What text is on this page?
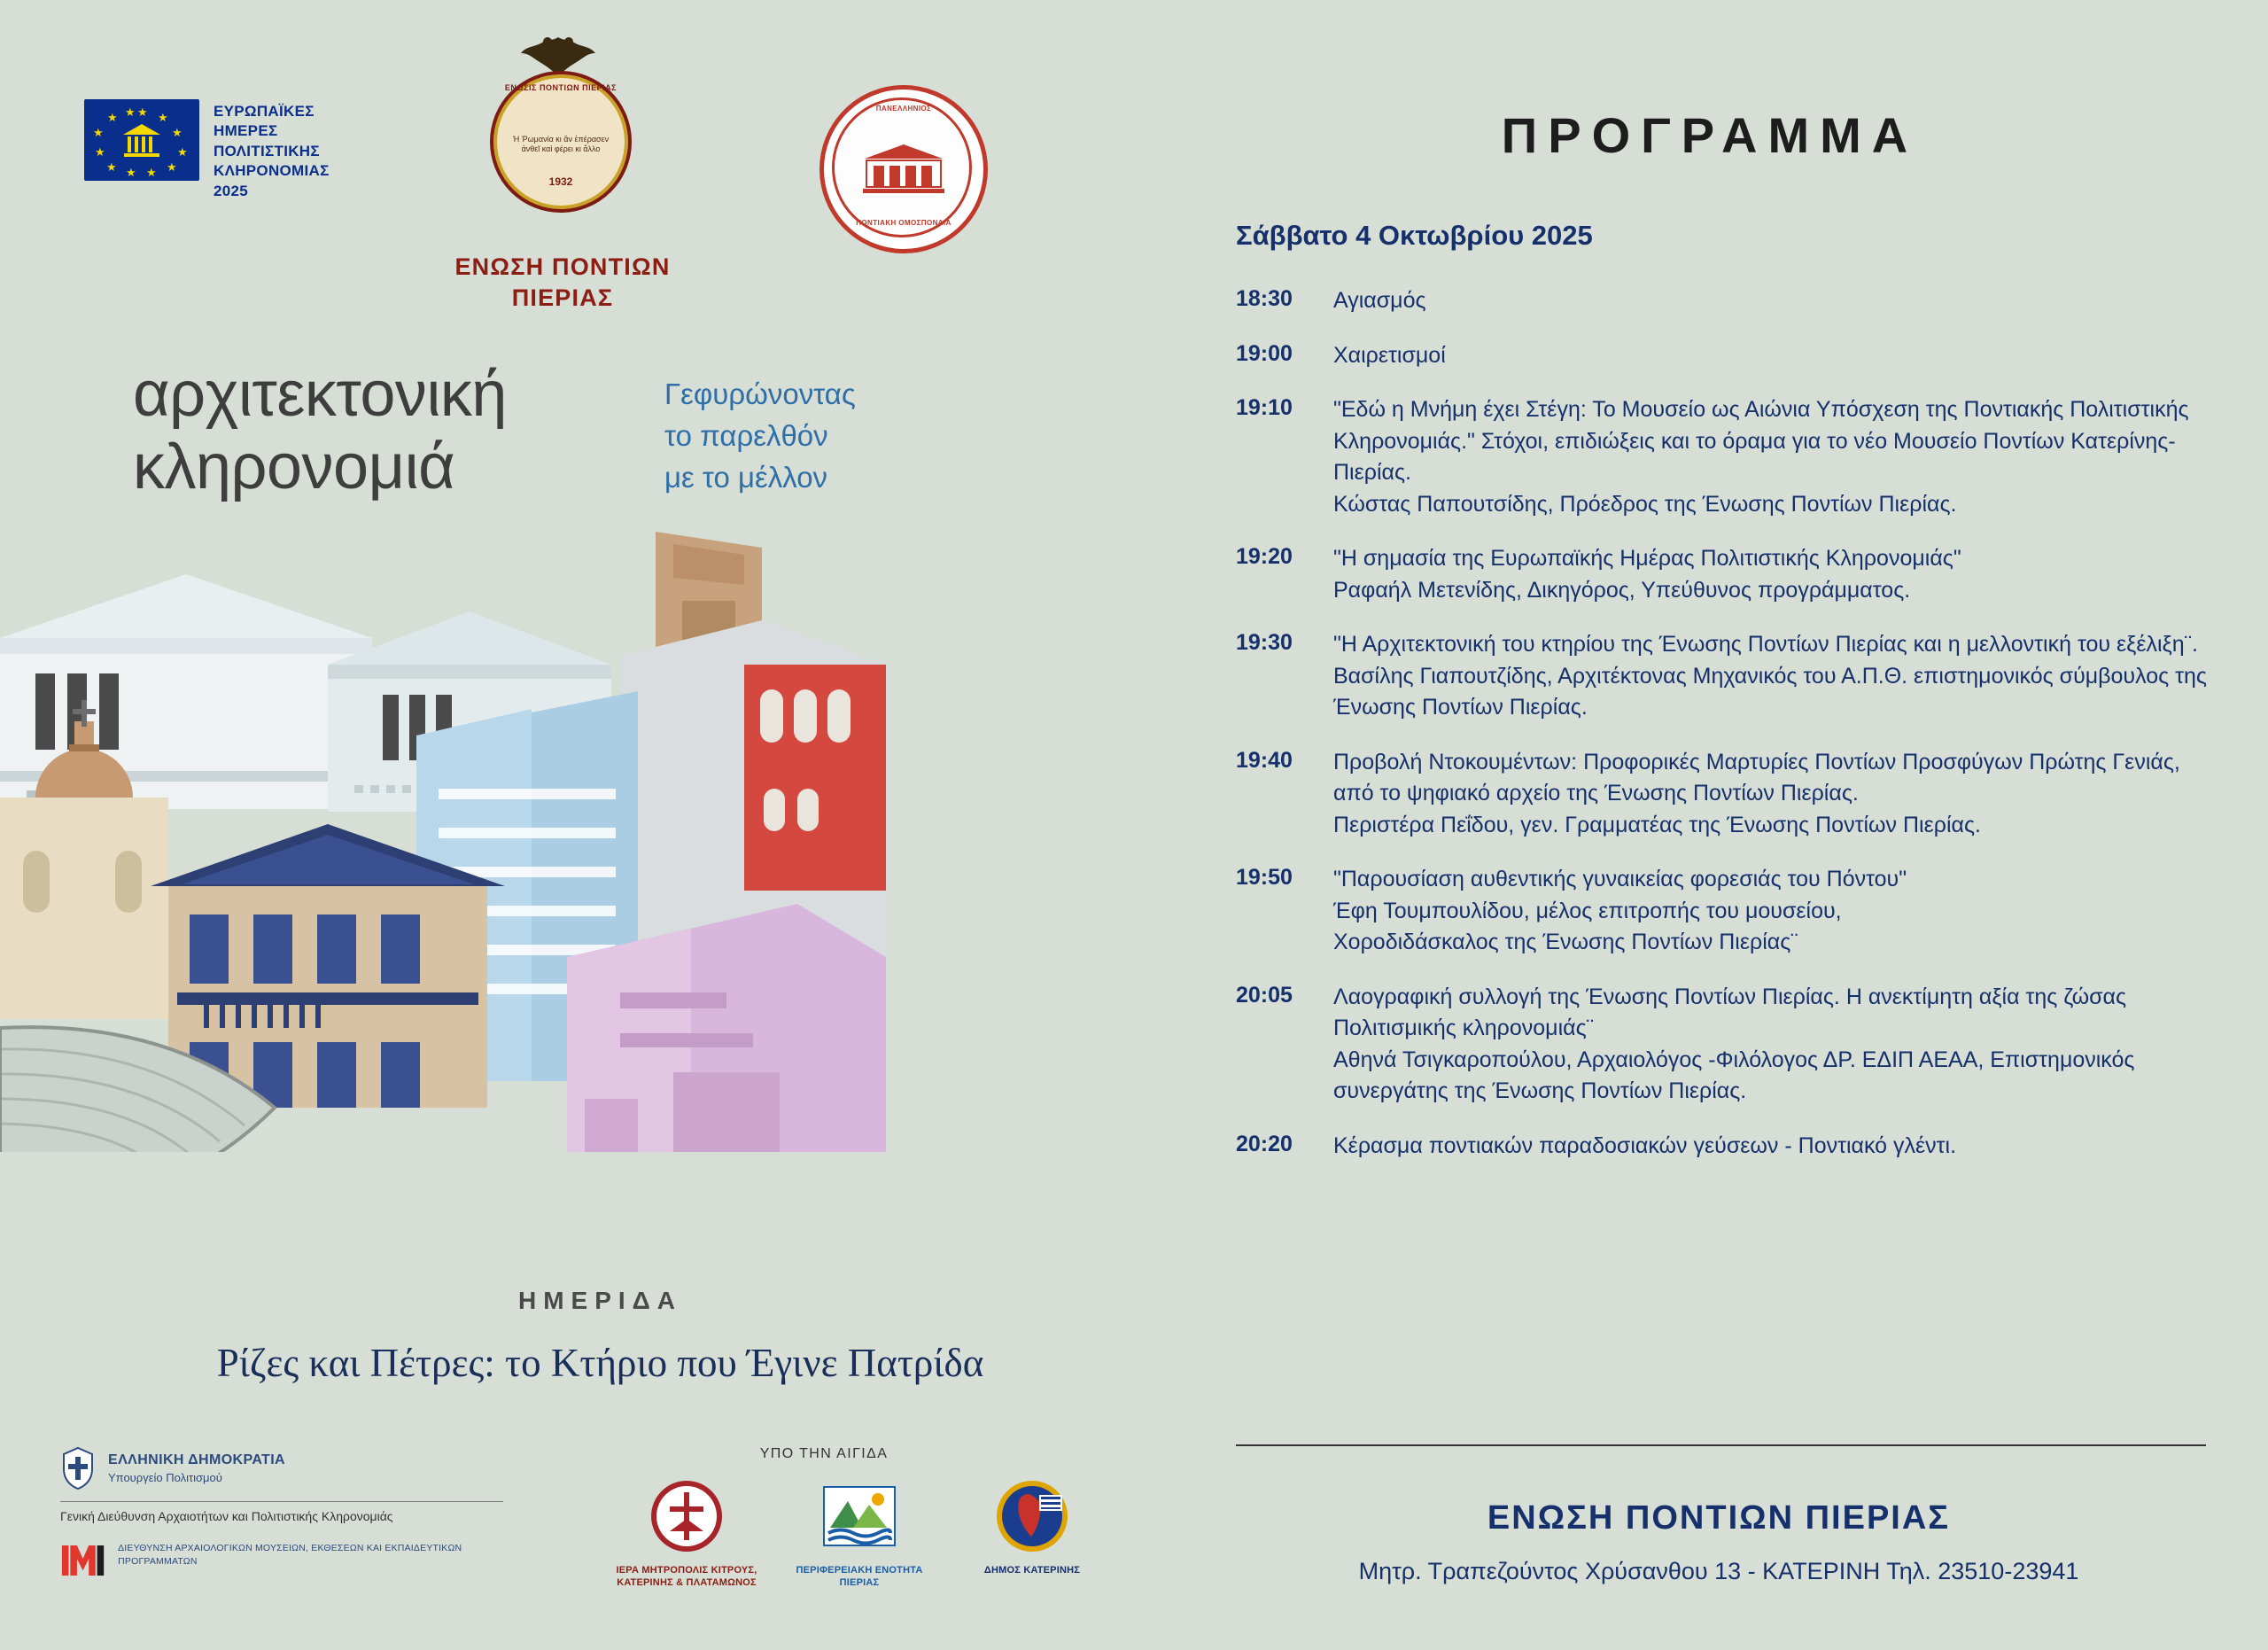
★ ★
★
★
★
★
★
★
★
★
★ ★	ΕΥΡΩΠΑΪΚΕΣ
ΗΜΕΡΕΣ
ΠΟΛΙΤΙΣΤΙΚΗΣ
ΚΛΗΡΟΝΟΜΙΑΣ
2025
ΕΝΩΣΙΣ ΠΟΝΤΙΩΝ ΠΙΕΡΙΑΣ
Ἡ Ῥωμανία κι ἂν ἐπέρασεν ἀνθεῖ καὶ φέρει κι ἄλλο
1932
ΕΝΩΣΗ ΠΟΝΤΙΩΝ ΠΙΕΡΙΑΣ
ΠΑΝΕΛΛΗΝΙΟΣ
ΠΟΝΤΙΑΚΗ ΟΜΟΣΠΟΝΔΙΑ
αρχιτεκτονική
κληρονομιά
Γεφυρώνοντας
το παρελθόν
με το μέλλον
ΗΜΕΡΙΔΑ
Ρίζες και Πέτρες: το Κτήριο που Έγινε Πατρίδα
ΕΛΛΗΝΙΚΗ ΔΗΜΟΚΡΑΤΙΑ
Υπουργείο Πολιτισμού
Γενική Διεύθυνση Αρχαιοτήτων και Πολιτιστικής Κληρονομιάς
ΔΙΕΥΘΥΝΣΗ ΑΡΧΑΙΟΛΟΓΙΚΩΝ ΜΟΥΣΕΙΩΝ, ΕΚΘΕΣΕΩΝ ΚΑΙ ΕΚΠΑΙΔΕΥΤΙΚΩΝ ΠΡΟΓΡΑΜΜΑΤΩΝ
ΥΠΟ ΤΗΝ ΑΙΓΙΔΑ
ΙΕΡΑ ΜΗΤΡΟΠΟΛΙΣ ΚΙΤΡΟΥΣ, ΚΑΤΕΡΙΝΗΣ & ΠΛΑΤΑΜΩΝΟΣ
ΠΕΡΙΦΕΡΕΙΑΚΗ ΕΝΟΤΗΤΑ ΠΙΕΡΙΑΣ
ΔΗΜΟΣ ΚΑΤΕΡΙΝΗΣ
ΠΡΟΓΡΑΜΜΑ
Σάββατο 4 Οκτωβρίου 2025
18:30	Αγιασμός
19:00	Χαιρετισμοί
19:10	"Εδώ η Μνήμη έχει Στέγη: Το Μουσείο ως Αιώνια Υπόσχεση της Ποντιακής Πολιτιστικής Κληρονομιάς." Στόχοι, επιδιώξεις και το όραμα για το νέο Μουσείο Ποντίων Κατερίνης-Πιερίας.
Κώστας Παπουτσίδης, Πρόεδρος της Ένωσης Ποντίων Πιερίας.
19:20	"Η σημασία της Ευρωπαϊκής Ημέρας Πολιτιστικής Κληρονομιάς"
Ραφαήλ Μετενίδης, Δικηγόρος, Υπεύθυνος προγράμματος.
19:30	"Η Αρχιτεκτονική του κτηρίου της Ένωσης Ποντίων Πιερίας και η μελλοντική του εξέλιξη¨.
Βασίλης Γιαπουτζίδης, Αρχιτέκτονας Μηχανικός του Α.Π.Θ. επιστημονικός σύμβουλος της Ένωσης Ποντίων Πιερίας.
19:40	Προβολή Ντοκουμέντων: Προφορικές Μαρτυρίες Ποντίων Προσφύγων Πρώτης Γενιάς, από το ψηφιακό αρχείο της Ένωσης Ποντίων Πιερίας.
Περιστέρα Πεΐδου, γεν. Γραμματέας της Ένωσης Ποντίων Πιερίας.
19:50	"Παρουσίαση αυθεντικής γυναικείας φορεσιάς του Πόντου"
Έφη Τουμπουλίδου, μέλος επιτροπής του μουσείου,
Χοροδιδάσκαλος της Ένωσης Ποντίων Πιερίας¨
20:05	Λαογραφική συλλογή της Ένωσης Ποντίων Πιερίας. Η ανεκτίμητη αξία της ζώσας Πολιτισμικής κληρονομιάς¨
Αθηνά Τσιγκαροπούλου, Αρχαιολόγος -Φιλόλογος ΔΡ. ΕΔΙΠ ΑΕΑΑ, Επιστημονικός συνεργάτης της Ένωσης Ποντίων Πιερίας.
20:20	Κέρασμα ποντιακών παραδοσιακών γεύσεων - Ποντιακό γλέντι.
ΕΝΩΣΗ ΠΟΝΤΙΩΝ ΠΙΕΡΙΑΣ
Μητρ. Τραπεζούντος Χρύσανθου 13 - ΚΑΤΕΡΙΝΗ Τηλ. 23510-23941
